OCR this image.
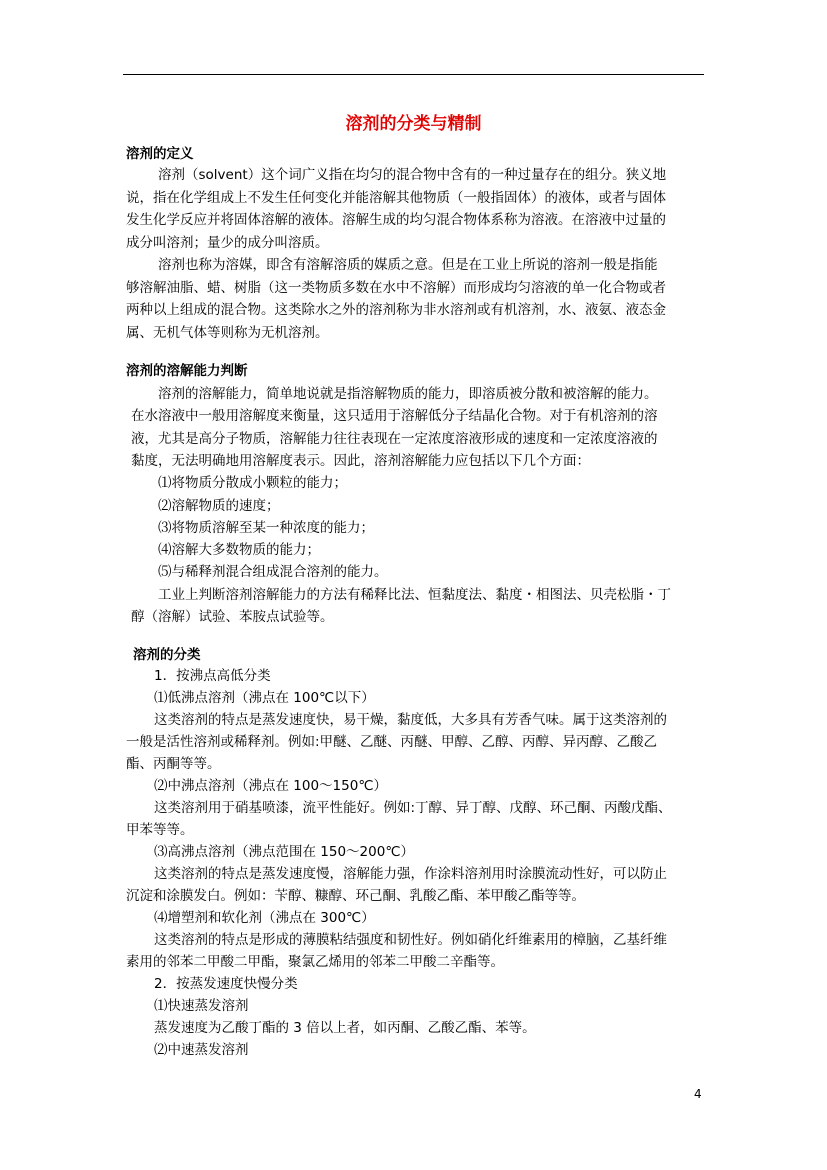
溶剂的分类与精制
溶剂的定义
溶剂（solvent）这个词广义指在均匀的混合物中含有的一种过量存在的组分。狭义地
说，指在化学组成上不发生任何变化并能溶解其他物质（一般指固体）的液体，或者与固体
发生化学反应并将固体溶解的液体。溶解生成的均匀混合物体系称为溶液。在溶液中过量的
成分叫溶剂；量少的成分叫溶质。
溶剂也称为溶媒，即含有溶解溶质的媒质之意。但是在工业上所说的溶剂一般是指能
够溶解油脂、蜡、树脂（这一类物质多数在水中不溶解）而形成均匀溶液的单一化合物或者
两种以上组成的混合物。这类除水之外的溶剂称为非水溶剂或有机溶剂，水、液氨、液态金
属、无机气体等则称为无机溶剂。
溶剂的溶解能力判断
溶剂的溶解能力，简单地说就是指溶解物质的能力，即溶质被分散和被溶解的能力。
在水溶液中一般用溶解度来衡量，这只适用于溶解低分子结晶化合物。对于有机溶剂的溶
液，尤其是高分子物质，溶解能力往往表现在一定浓度溶液形成的速度和一定浓度溶液的
黏度，无法明确地用溶解度表示。因此，溶剂溶解能力应包括以下几个方面：
⑴将物质分散成小颗粒的能力；
⑵溶解物质的速度；
⑶将物质溶解至某一种浓度的能力；
⑷溶解大多数物质的能力；
⑸与稀释剂混合组成混合溶剂的能力。
工业上判断溶剂溶解能力的方法有稀释比法、恒黏度法、黏度・相图法、贝壳松脂・丁
醇（溶解）试验、苯胺点试验等。
溶剂的分类
1．按沸点高低分类
⑴低沸点溶剂（沸点在 100℃以下）
这类溶剂的特点是蒸发速度快，易干燥，黏度低，大多具有芳香气味。属于这类溶剂的
一般是活性溶剂或稀释剂。例如:甲醚、乙醚、丙醚、甲醇、乙醇、丙醇、异丙醇、乙酸乙
酯、丙酮等等。
⑵中沸点溶剂（沸点在 100～150℃）
这类溶剂用于硝基喷漆，流平性能好。例如:丁醇、异丁醇、戊醇、环己酮、丙酸戊酯、
甲苯等等。
⑶高沸点溶剂（沸点范围在 150～200℃）
这类溶剂的特点是蒸发速度慢，溶解能力强，作涂料溶剂用时涂膜流动性好，可以防止
沉淀和涂膜发白。例如：苄醇、糠醇、环己酮、乳酸乙酯、苯甲酸乙酯等等。
⑷增塑剂和软化剂（沸点在 300℃）
这类溶剂的特点是形成的薄膜粘结强度和韧性好。例如硝化纤维素用的樟脑，乙基纤维
素用的邻苯二甲酸二甲酯，聚氯乙烯用的邻苯二甲酸二辛酯等。
2．按蒸发速度快慢分类
⑴快速蒸发溶剂
蒸发速度为乙酸丁酯的 3 倍以上者，如丙酮、乙酸乙酯、苯等。
⑵中速蒸发溶剂
4
